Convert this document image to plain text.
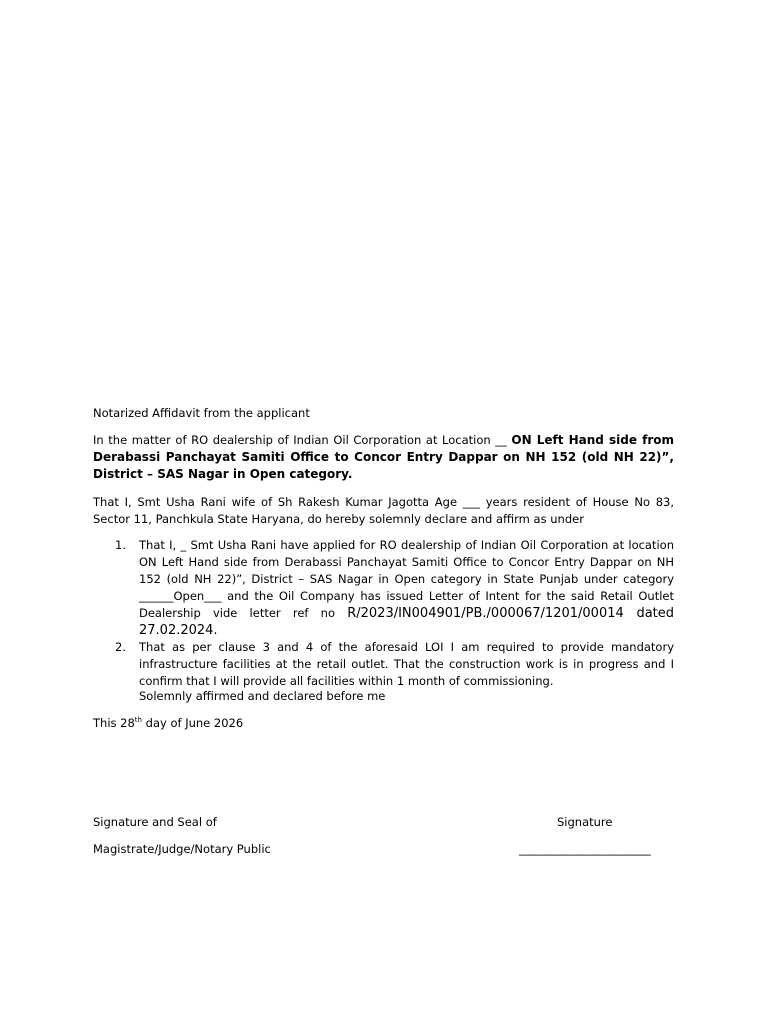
Notarized Affidavit from the applicant
In the matter of RO dealership of Indian Oil Corporation at Location __ ON Left Hand side from Derabassi Panchayat Samiti Office to Concor Entry Dappar on NH 152 (old NH 22)”, District – SAS Nagar in Open category.
That I, Smt Usha Rani wife of Sh Rakesh Kumar Jagotta Age ___ years resident of House No 83, Sector 11, Panchkula State Haryana, do hereby solemnly declare and affirm as under
1. That I, _ Smt Usha Rani have applied for RO dealership of Indian Oil Corporation at location ON Left Hand side from Derabassi Panchayat Samiti Office to Concor Entry Dappar on NH 152 (old NH 22)”, District – SAS Nagar in Open category in State Punjab under category ______Open___ and the Oil Company has issued Letter of Intent for the said Retail Outlet Dealership vide letter ref no R/2023/IN004901/PB./000067/1201/00014 dated 27.02.2024.
2. That as per clause 3 and 4 of the aforesaid LOI I am required to provide mandatory infrastructure facilities at the retail outlet. That the construction work is in progress and I confirm that I will provide all facilities within 1 month of commissioning.
Solemnly affirmed and declared before me
This 28th day of June 2026
Signature and Seal of
Magistrate/Judge/Notary Public
Signature
_________________________
